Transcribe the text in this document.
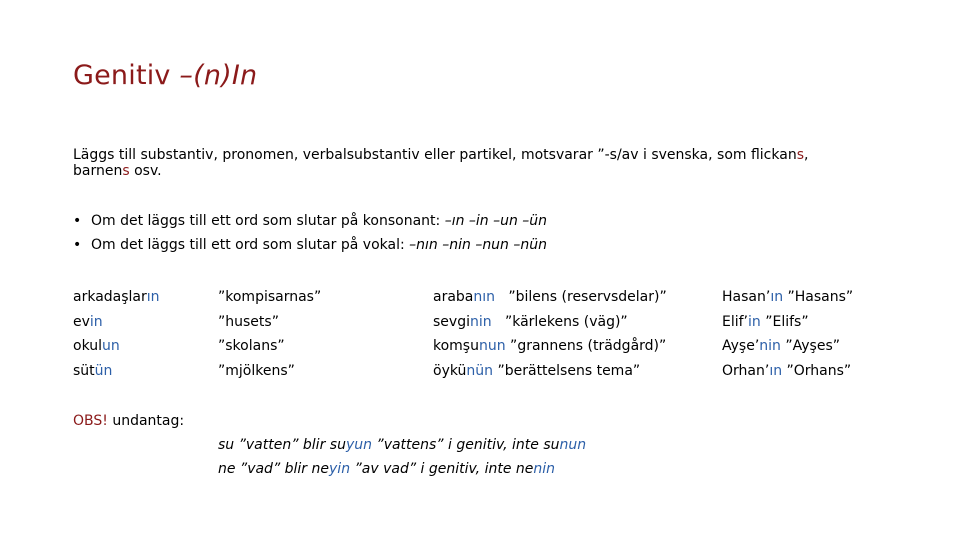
Genitiv –(n)In
Läggs till substantiv, pronomen, verbalsubstantiv eller partikel, motsvarar ”-s/av i svenska, som flickans,
barnens osv.
• Om det läggs till ett ord som slutar på konsonant: –ın –in –un –ün
• Om det läggs till ett ord som slutar på vokal: –nın –nin –nun –nün
arkadaşların
evin
okulun
sütün
”kompisarnas”
”husets”
”skolans”
”mjölkens”
arabanın   ”bilens (reservsdelar)”
sevginin   ”kärlekens (väg)”
komşunun ”grannens (trädgård)”
öykünün ”berättelsens tema”
Hasan’ın ”Hasans”
Elif’in ”Elifs”
Ayşe’nin ”Ayşes”
Orhan’ın ”Orhans”
OBS! undantag:
su ”vatten” blir suyun ”vattens” i genitiv, inte sunun
ne ”vad” blir neyin ”av vad” i genitiv, inte nenin
